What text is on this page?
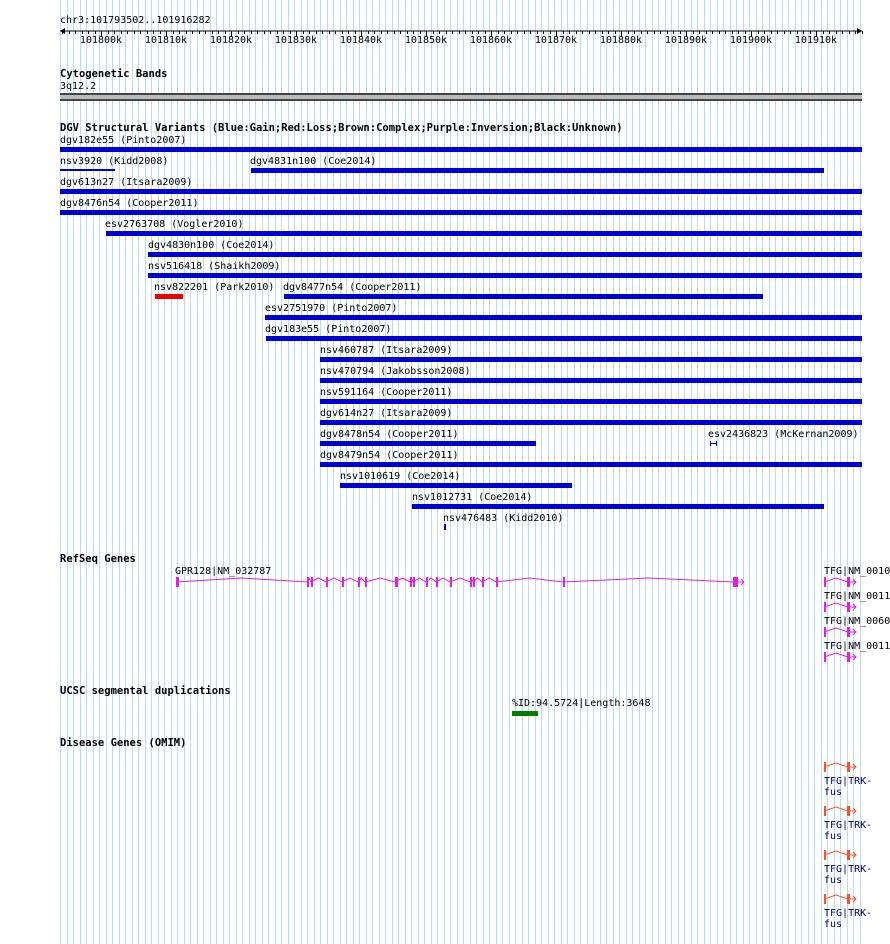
chr3:101793502..101916282
101800k 101810k 101820k 101830k 101840k 101850k 101860k 101870k 101880k 101890k 101900k 101910k
Cytogenetic Bands
3q12.2
DGV Structural Variants (Blue:Gain;Red:Loss;Brown:Complex;Purple:Inversion;Black:Unknown)
dgv182e55 (Pinto2007)
nsv3920 (Kidd2008)	dgv4831n100 (Coe2014)
dgv613n27 (Itsara2009)
dgv8476n54 (Cooper2011)
esv2763708 (Vogler2010)
dgv4830n100 (Coe2014)
nsv516418 (Shaikh2009)
nsv822201 (Park2010) dgv8477n54 (Cooper2011)
esv2751970 (Pinto2007)
dgv183e55 (Pinto2007)
nsv460787 (Itsara2009)
nsv470794 (Jakobsson2008)
nsv591164 (Cooper2011)
dgv614n27 (Itsara2009)
dgv8478n54 (Cooper2011)	esv2436823 (McKernan2009)
dgv8479n54 (Cooper2011)
nsv1010619 (Coe2014)
nsv1012731 (Coe2014)
nsv476483 (Kidd2010)
RefSeq Genes
GPR128|NM_032787	TFG|NM_0010
TFG|NM_0011
TFG|NM_0060
TFG|NM_0011
UCSC segmental duplications
%ID:94.5724|Length:3648
Disease Genes (OMIM)
TFG|TRK-fus
TFG|TRK-fus
TFG|TRK-fus
TFG|TRK-fus
